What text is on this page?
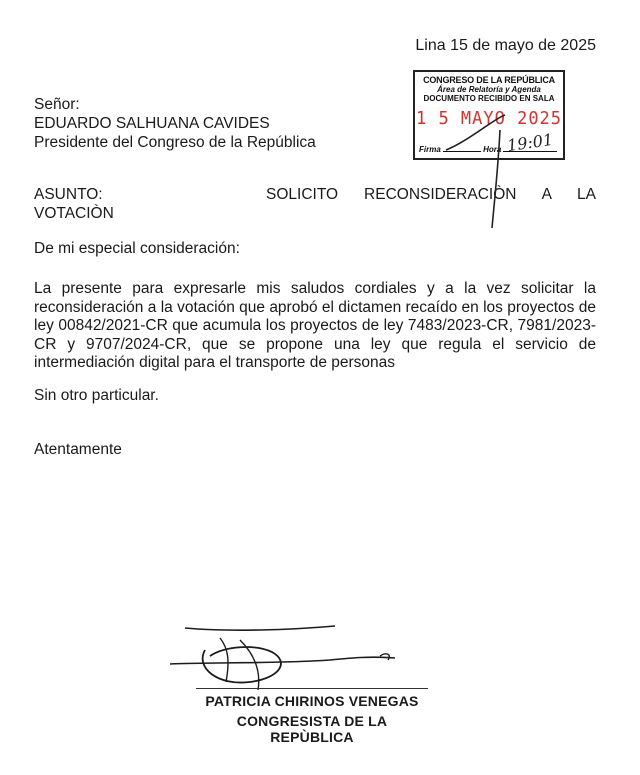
Lina 15 de mayo de 2025
Señor:
EDUARDO SALHUANA CAVIDES
Presidente del Congreso de la República
CONGRESO DE LA REPÚBLICA
Área de Relatoría y Agenda
DOCUMENTO RECIBIDO EN SALA
1 5 MAYO 2025
Firma	Hora 19:01
ASUNTO:	SOLICITO RECONSIDERACIÒN A LA
VOTACIÒN
De mi especial consideración:
La presente para expresarle mis saludos cordiales y a la vez solicitar la reconsideración a la votación que aprobó el dictamen recaído en los proyectos de ley 00842/2021-CR que acumula los proyectos de ley 7483/2023-CR, 7981/2023-CR y 9707/2024-CR, que se propone una ley que regula el servicio de intermediación digital para el transporte de personas
Sin otro particular.
Atentamente
PATRICIA CHIRINOS VENEGAS
CONGRESISTA DE LA REPÙBLICA
